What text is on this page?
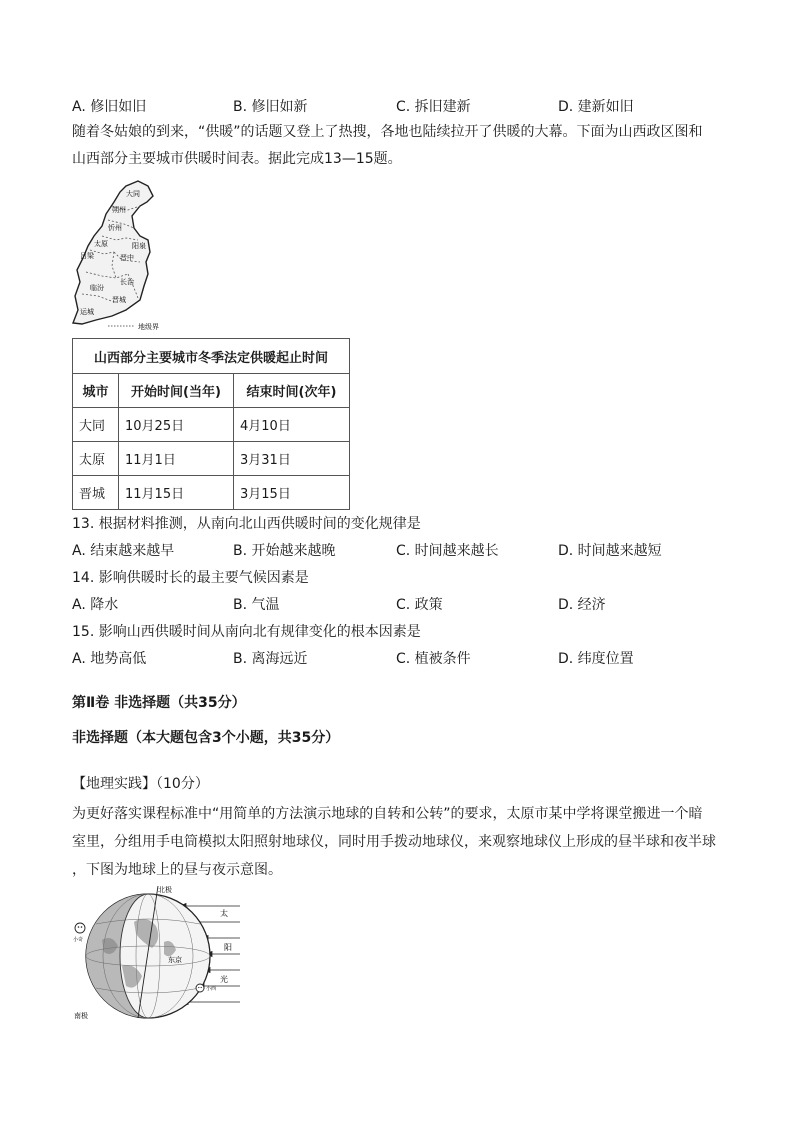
A. 修旧如旧	B. 修旧如新	C. 拆旧建新	D. 建新如旧
随着冬姑娘的到来，“供暖”的话题又登上了热搜，各地也陆续拉开了供暖的大幕。下面为山西政区图和
山西部分主要城市供暖时间表。据此完成13—15题。
大同
朔州
忻州
太原	阳泉
吕梁	晋中
长治
临汾
晋城
运城
地级界
山西部分主要城市冬季法定供暖起止时间		
城市	开始时间(当年)	结束时间(次年)
大同	10月25日	4月10日
太原	11月1日	3月31日
晋城	11月15日	3月15日
13. 根据材料推测，从南向北山西供暖时间的变化规律是
A. 结束越来越早	B. 开始越来越晚	C. 时间越来越长	D. 时间越来越短
14. 影响供暖时长的最主要气候因素是
A. 降水	B. 气温	C. 政策	D. 经济
15. 影响山西供暖时间从南向北有规律变化的根本因素是
A. 地势高低	B. 离海远近	C. 植被条件	D. 纬度位置
第Ⅱ卷 非选择题（共35分）
非选择题（本大题包含3个小题，共35分）
【地理实践】（10分）
为更好落实课程标准中“用简单的方法演示地球的自转和公转”的要求，太原市某中学将课堂搬进一个暗
室里，分组用手电筒模拟太阳照射地球仪，同时用手拨动地球仪，来观察地球仪上形成的昼半球和夜半球
，下图为地球上的昼与夜示意图。
北极
南极
东京
太
阳
光
小奇
小西
